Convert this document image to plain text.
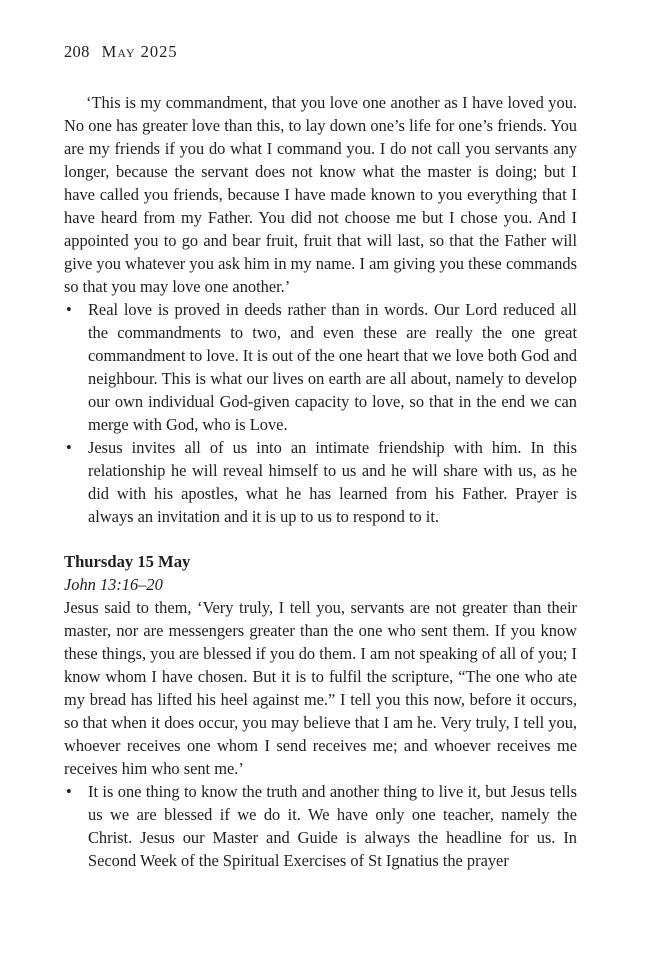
208 May 2025

‘This is my commandment, that you love one another as I have loved you. No one has greater love than this, to lay down one’s life for one’s friends. You are my friends if you do what I command you. I do not call you servants any longer, because the servant does not know what the master is doing; but I have called you friends, because I have made known to you everything that I have heard from my Father. You did not choose me but I chose you. And I appointed you to go and bear fruit, fruit that will last, so that the Father will give you whatever you ask him in my name. I am giving you these commands so that you may love one another.’

• Real love is proved in deeds rather than in words. Our Lord reduced all the commandments to two, and even these are really the one great commandment to love. It is out of the one heart that we love both God and neighbour. This is what our lives on earth are all about, namely to develop our own individual God-given capacity to love, so that in the end we can merge with God, who is Love.
• Jesus invites all of us into an intimate friendship with him. In this relationship he will reveal himself to us and he will share with us, as he did with his apostles, what he has learned from his Father. Prayer is always an invitation and it is up to us to respond to it.
Thursday 15 May
John 13:16–20

Jesus said to them, ‘Very truly, I tell you, servants are not greater than their master, nor are messengers greater than the one who sent them. If you know these things, you are blessed if you do them. I am not speaking of all of you; I know whom I have chosen. But it is to fulfil the scripture, “The one who ate my bread has lifted his heel against me.” I tell you this now, before it occurs, so that when it does occur, you may believe that I am he. Very truly, I tell you, whoever receives one whom I send receives me; and whoever receives me receives him who sent me.’

• It is one thing to know the truth and another thing to live it, but Jesus tells us we are blessed if we do it. We have only one teacher, namely the Christ. Jesus our Master and Guide is always the headline for us. In Second Week of the Spiritual Exercises of St Ignatius the prayer
